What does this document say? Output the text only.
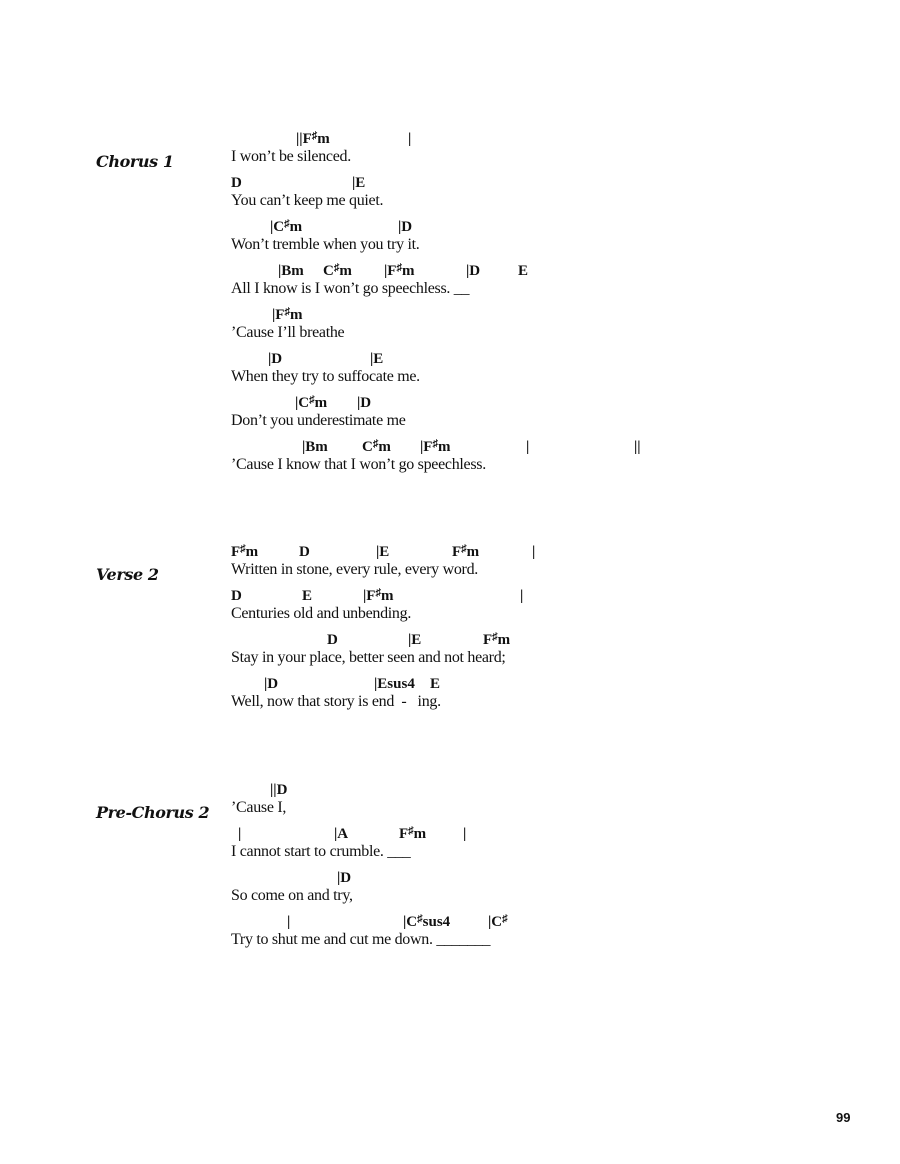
Chorus 1
||F♯m	|
I won’t be silenced.
D	|E
You can’t keep me quiet.
|C♯m	|D
Won’t tremble when you try it.
|Bm C♯m |F♯m	|D	E
All I know is I won’t go speechless. __
|F♯m
’Cause I’ll breathe
|D	|E
When they try to suffocate me.
|C♯m |D
Don’t you underestimate me
|Bm C♯m |F♯m	|	||
’Cause I know that I won’t go speechless.
Verse 2
F♯m	D	|E	F♯m	|
Written in stone, every rule, every word.
D	E	|F♯m	|
Centuries old and unbending.
D	|E	F♯m
Stay in your place, better seen and not heard;
|D	|Esus4 E
Well, now that story is end  -   ing.
Pre-Chorus 2
||D
’Cause I,
|	|A	F♯m |
I cannot start to crumble. ___
|D
So come on and try,
|	|C♯sus4	|C♯
Try to shut me and cut me down. _______
99
